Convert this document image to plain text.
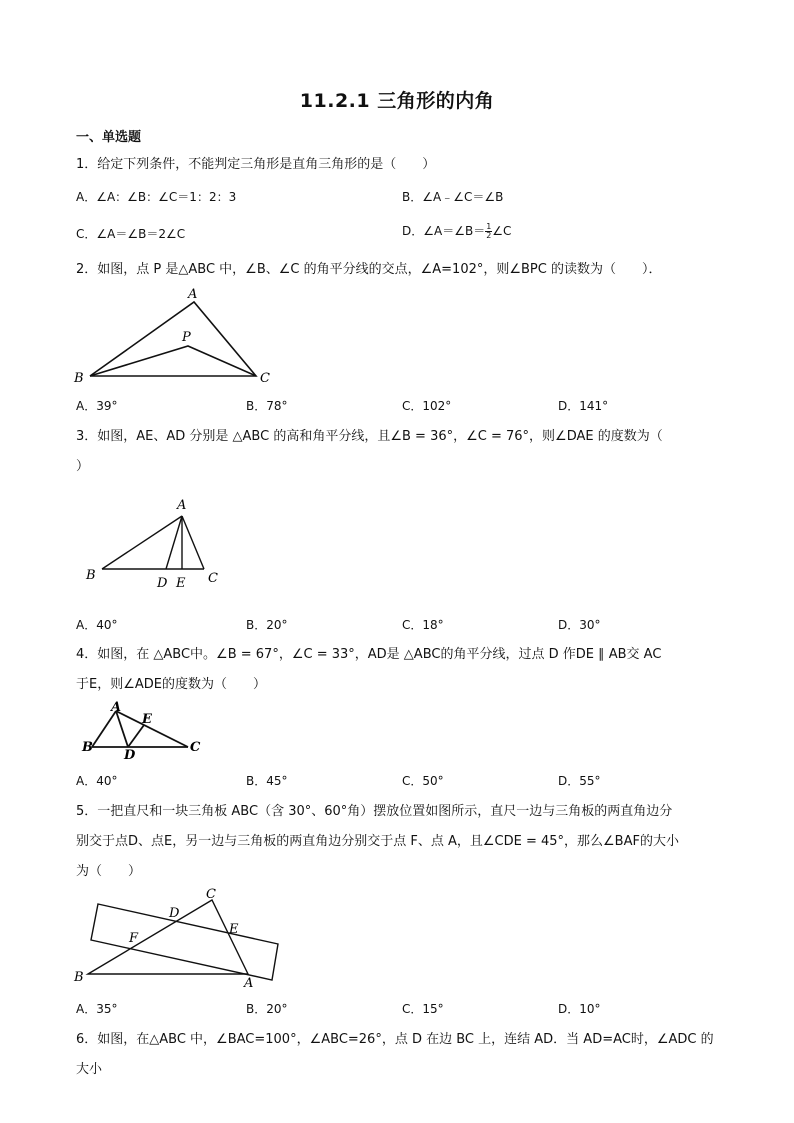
11.2.1 三角形的内角
一、单选题
1．给定下列条件，不能判定三角形是直角三角形的是（　　）
A．∠A：∠B：∠C＝1：2：3	B．∠A﹣∠C＝∠B
C．∠A＝∠B＝2∠C	D．∠A＝∠B＝ $\frac{1}{2}$ ∠C
2．如图，点 P 是△ABC 中，∠B、∠C 的角平分线的交点，∠A=102°，则∠BPC 的读数为（　　）．
A
P
B	C
A．39°	B．78°	C．102°	D．141°
3．如图，AE、AD 分别是 △ABC 的高和角平分线，且∠B = 36°，∠C = 76°，则∠DAE 的度数为（
）
A
B
D E C
A．40°	B．20°	C．18°	D．30°
4．如图，在 △ABC中。∠B = 67°，∠C = 33°，AD是 △ABC的角平分线，过点 D 作DE ∥ AB交 AC
于E，则∠ADE的度数为（　　）
A
E
B
D
C
A．40°	B．45°	C．50°	D．55°
5．一把直尺和一块三角板 ABC（含 30°、60°角）摆放位置如图所示，直尺一边与三角板的两直角边分
别交于点D、点E，另一边与三角板的两直角边分别交于点 F、点 A，且∠CDE = 45°，那么∠BAF的大小
为（　　）
C
D
E
F
B	A
A．35°	B．20°	C．15°	D．10°
6．如图，在△ABC 中，∠BAC=100°，∠ABC=26°，点 D 在边 BC 上，连结 AD．当 AD=AC时，∠ADC 的大小
